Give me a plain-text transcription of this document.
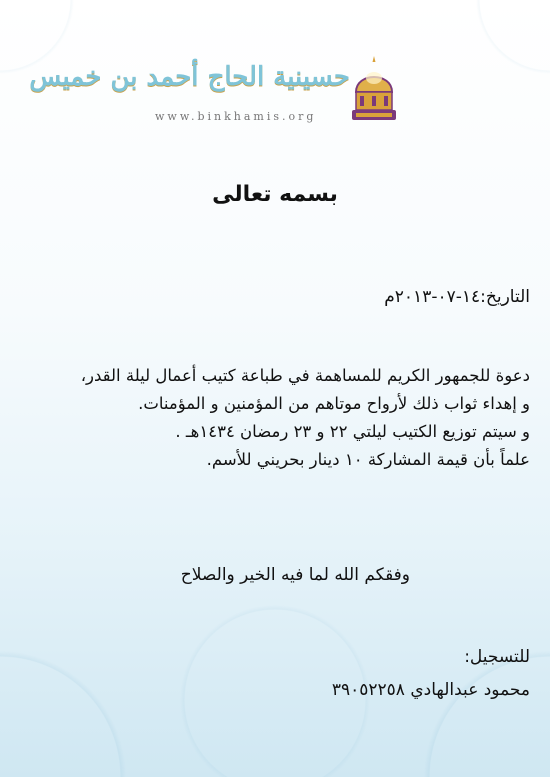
حسينية الحاج أحمد بن خميس
www.binkhamis.org
بسمه تعالى
التاريخ:١٤-٠٧-٢٠١٣م
دعوة للجمهور الكريم للمساهمة في طباعة كتيب أعمال ليلة القدر،
و إهداء ثواب ذلك لأرواح موتاهم من المؤمنين و المؤمنات.
و سيتم توزيع الكتيب ليلتي ٢٢ و ٢٣ رمضان ١٤٣٤هـ .
علماً بأن قيمة المشاركة ١٠ دينار بحريني للأسم.
وفقكم الله لما فيه الخير والصلاح
للتسجيل:
محمود عبدالهادي ٣٩٠٥٢٢٥٨
